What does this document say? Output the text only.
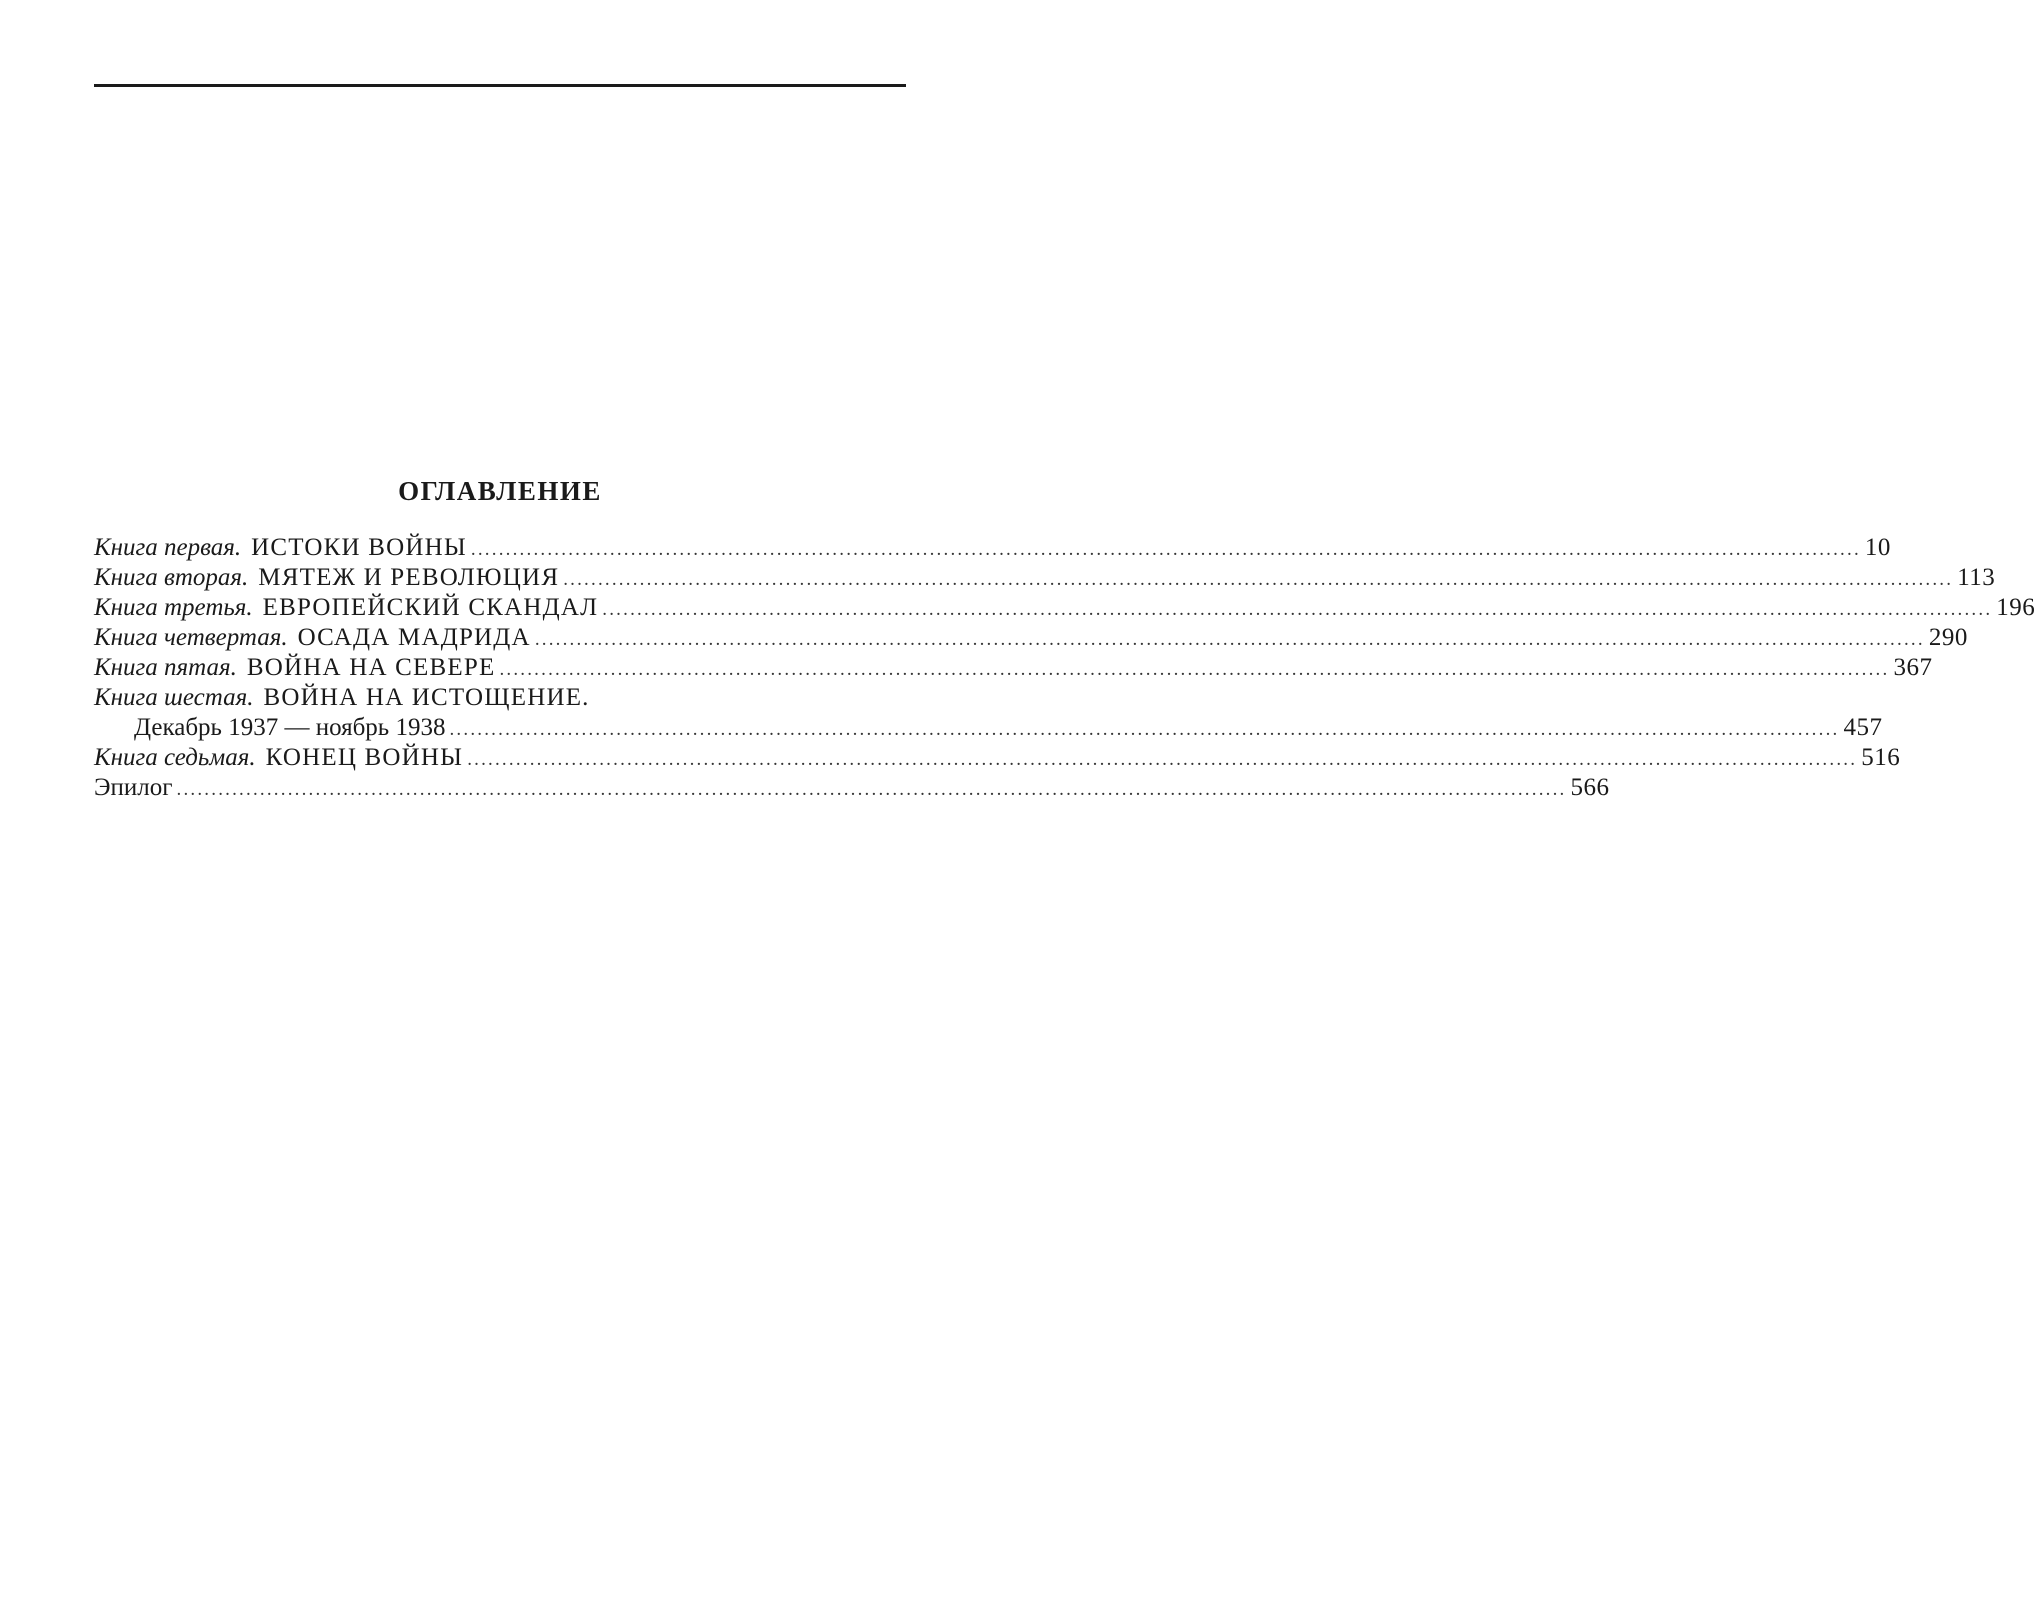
ОГЛАВЛЕНИЕ
Книга первая. ИСТОКИ ВОЙНЫ ........................................................................................................................................................................................................ 10
Книга вторая. МЯТЕЖ И РЕВОЛЮЦИЯ ........................................................................................................................................................................................................ 113
Книга третья. ЕВРОПЕЙСКИЙ СКАНДАЛ ........................................................................................................................................................................................................ 196
Книга четвертая. ОСАДА МАДРИДА ........................................................................................................................................................................................................ 290
Книга пятая. ВОЙНА НА СЕВЕРЕ ........................................................................................................................................................................................................ 367
Книга шестая. ВОЙНА НА ИСТОЩЕНИЕ.
Декабрь 1937 — ноябрь 1938 ........................................................................................................................................................................................................ 457
Книга седьмая. КОНЕЦ ВОЙНЫ ........................................................................................................................................................................................................ 516
Эпилог ........................................................................................................................................................................................................ 566
